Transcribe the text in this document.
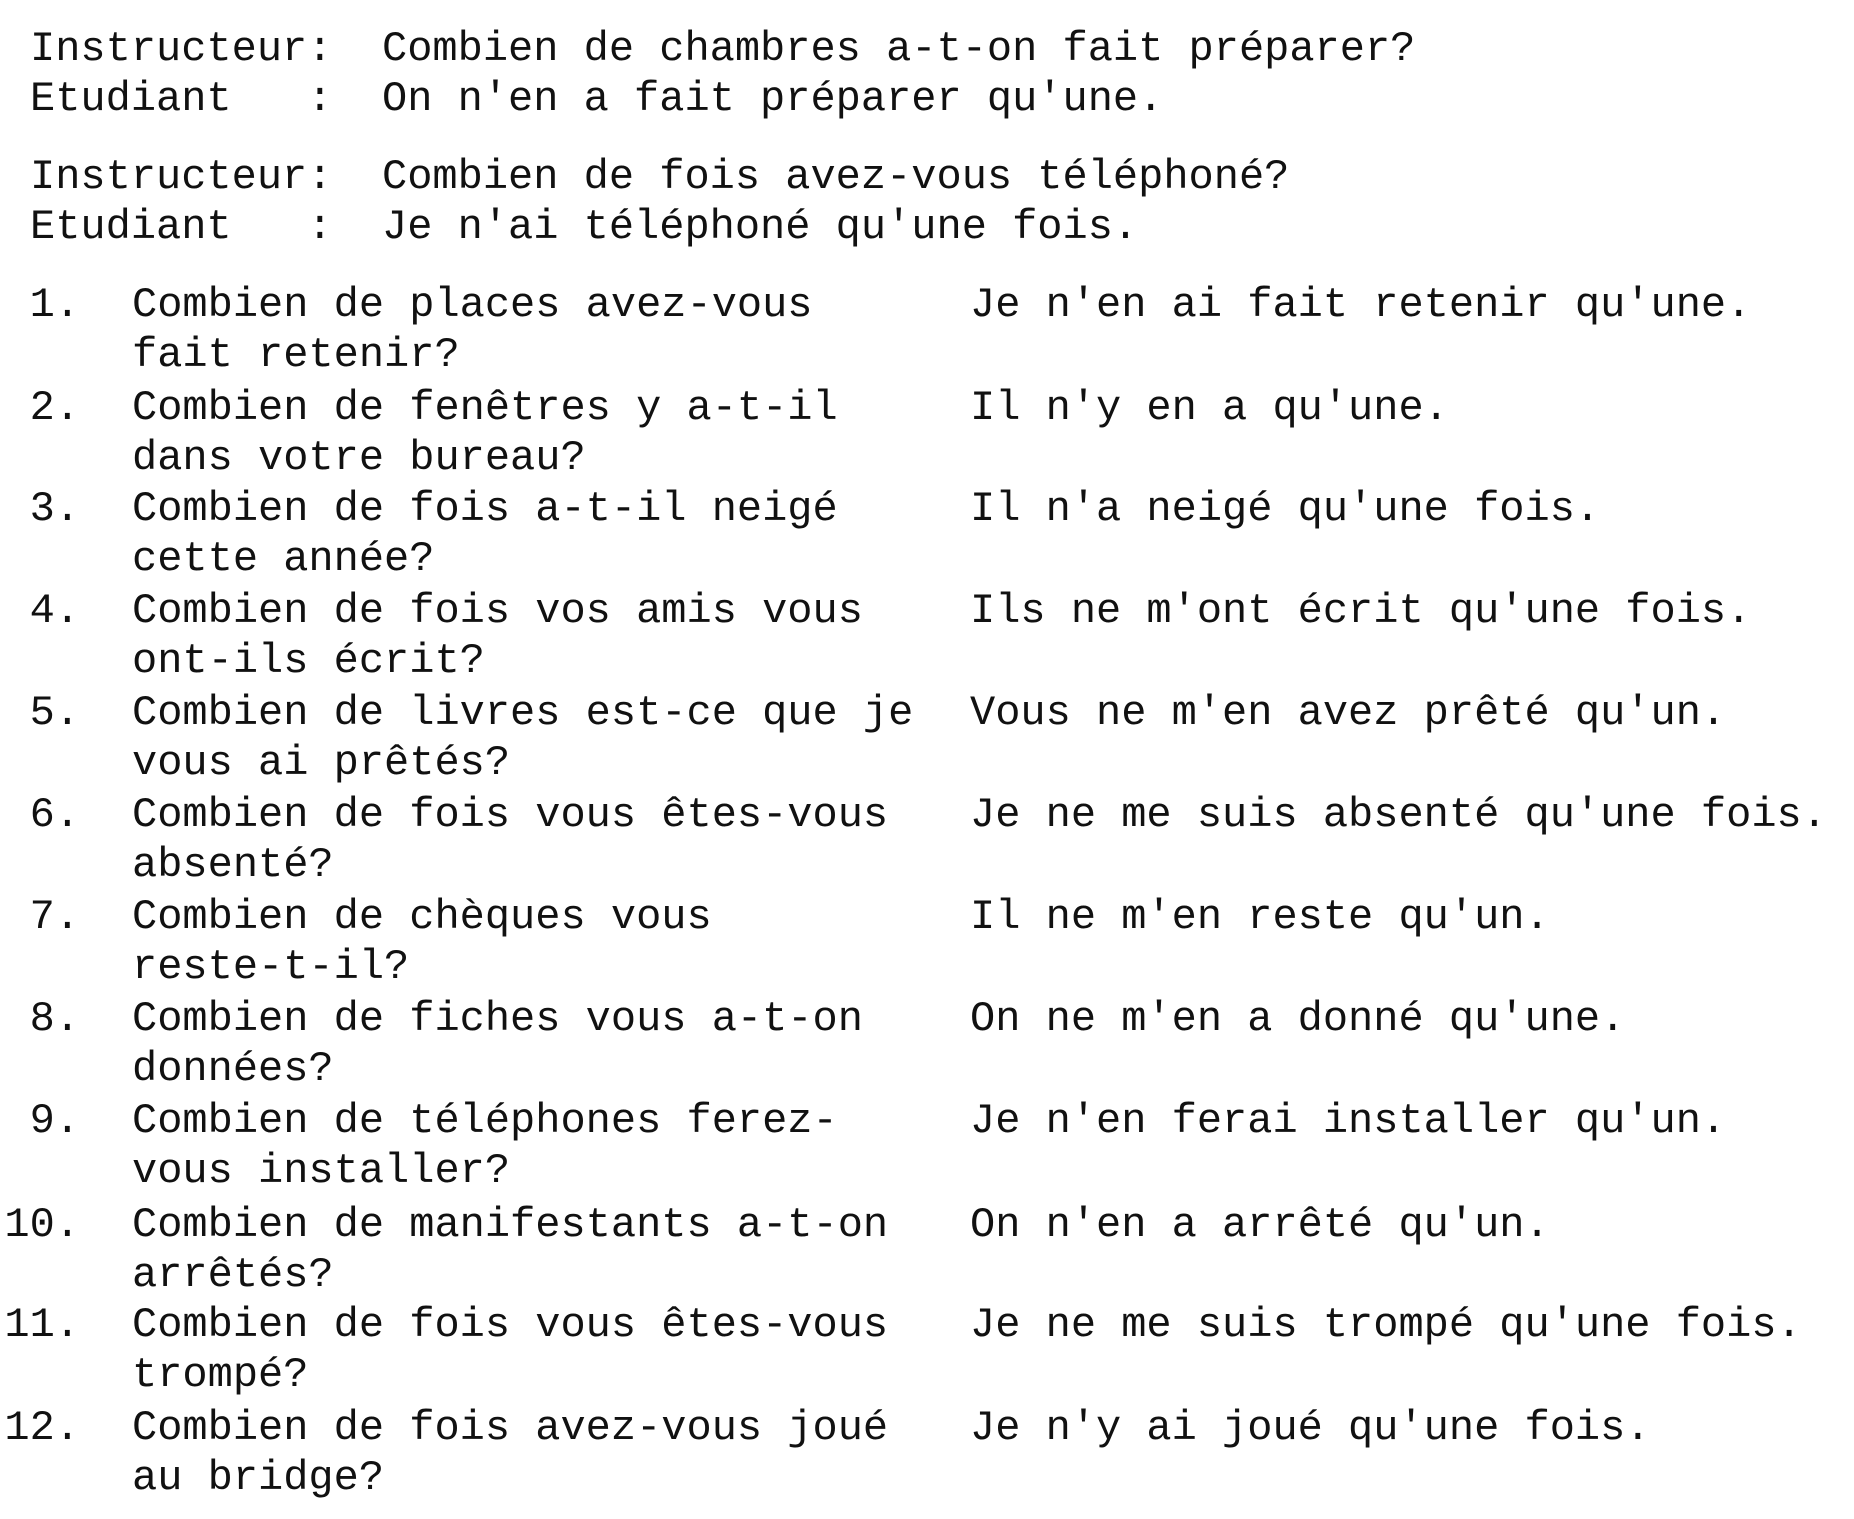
Instructeur: Combien de chambres a-t-on fait préparer?
Etudiant   : On n'en a fait préparer qu'une.
Instructeur: Combien de fois avez-vous téléphoné?
Etudiant   : Je n'ai téléphoné qu'une fois.
1. Combien de places avez-vous
fait retenir?
Je n'en ai fait retenir qu'une.
2. Combien de fenêtres y a-t-il
dans votre bureau?
Il n'y en a qu'une.
3. Combien de fois a-t-il neigé
cette année?
Il n'a neigé qu'une fois.
4. Combien de fois vos amis vous
ont-ils écrit?
Ils ne m'ont écrit qu'une fois.
5. Combien de livres est-ce que je
vous ai prêtés?
Vous ne m'en avez prêté qu'un.
6. Combien de fois vous êtes-vous
absenté?
Je ne me suis absenté qu'une fois.
7. Combien de chèques vous
reste-t-il?
Il ne m'en reste qu'un.
8. Combien de fiches vous a-t-on
données?
On ne m'en a donné qu'une.
9. Combien de téléphones ferez-
vous installer?
Je n'en ferai installer qu'un.
10. Combien de manifestants a-t-on
arrêtés?
On n'en a arrêté qu'un.
11. Combien de fois vous êtes-vous
trompé?
Je ne me suis trompé qu'une fois.
12. Combien de fois avez-vous joué
au bridge?
Je n'y ai joué qu'une fois.
